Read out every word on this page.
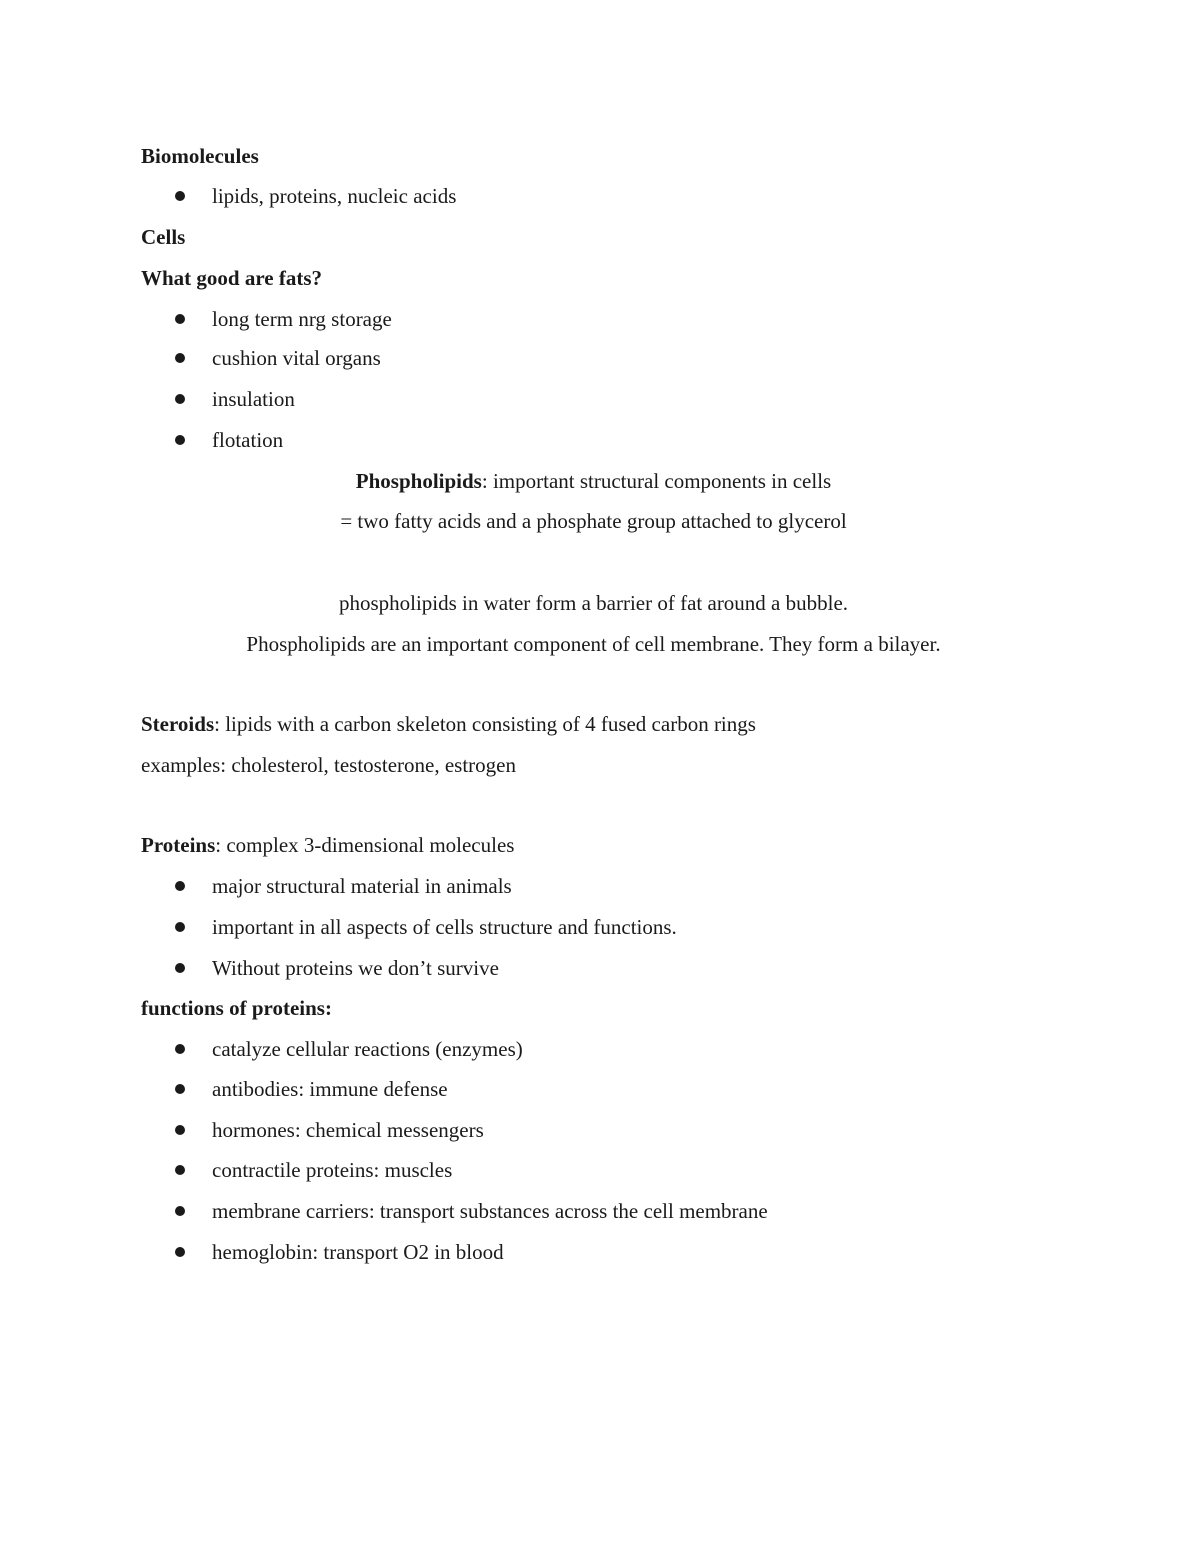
Biomolecules
lipids, proteins, nucleic acids
Cells
What good are fats?
long term nrg storage
cushion vital organs
insulation
flotation
Phospholipids: important structural components in cells
= two fatty acids and a phosphate group attached to glycerol
phospholipids in water form a barrier of fat around a bubble.
Phospholipids are an important component of cell membrane. They form a bilayer.
Steroids: lipids with a carbon skeleton consisting of 4 fused carbon rings
examples: cholesterol, testosterone, estrogen
Proteins: complex 3-dimensional molecules
major structural material in animals
important in all aspects of cells structure and functions.
Without proteins we don’t survive
functions of proteins:
catalyze cellular reactions (enzymes)
antibodies: immune defense
hormones: chemical messengers
contractile proteins: muscles
membrane carriers: transport substances across the cell membrane
hemoglobin: transport O2 in blood
